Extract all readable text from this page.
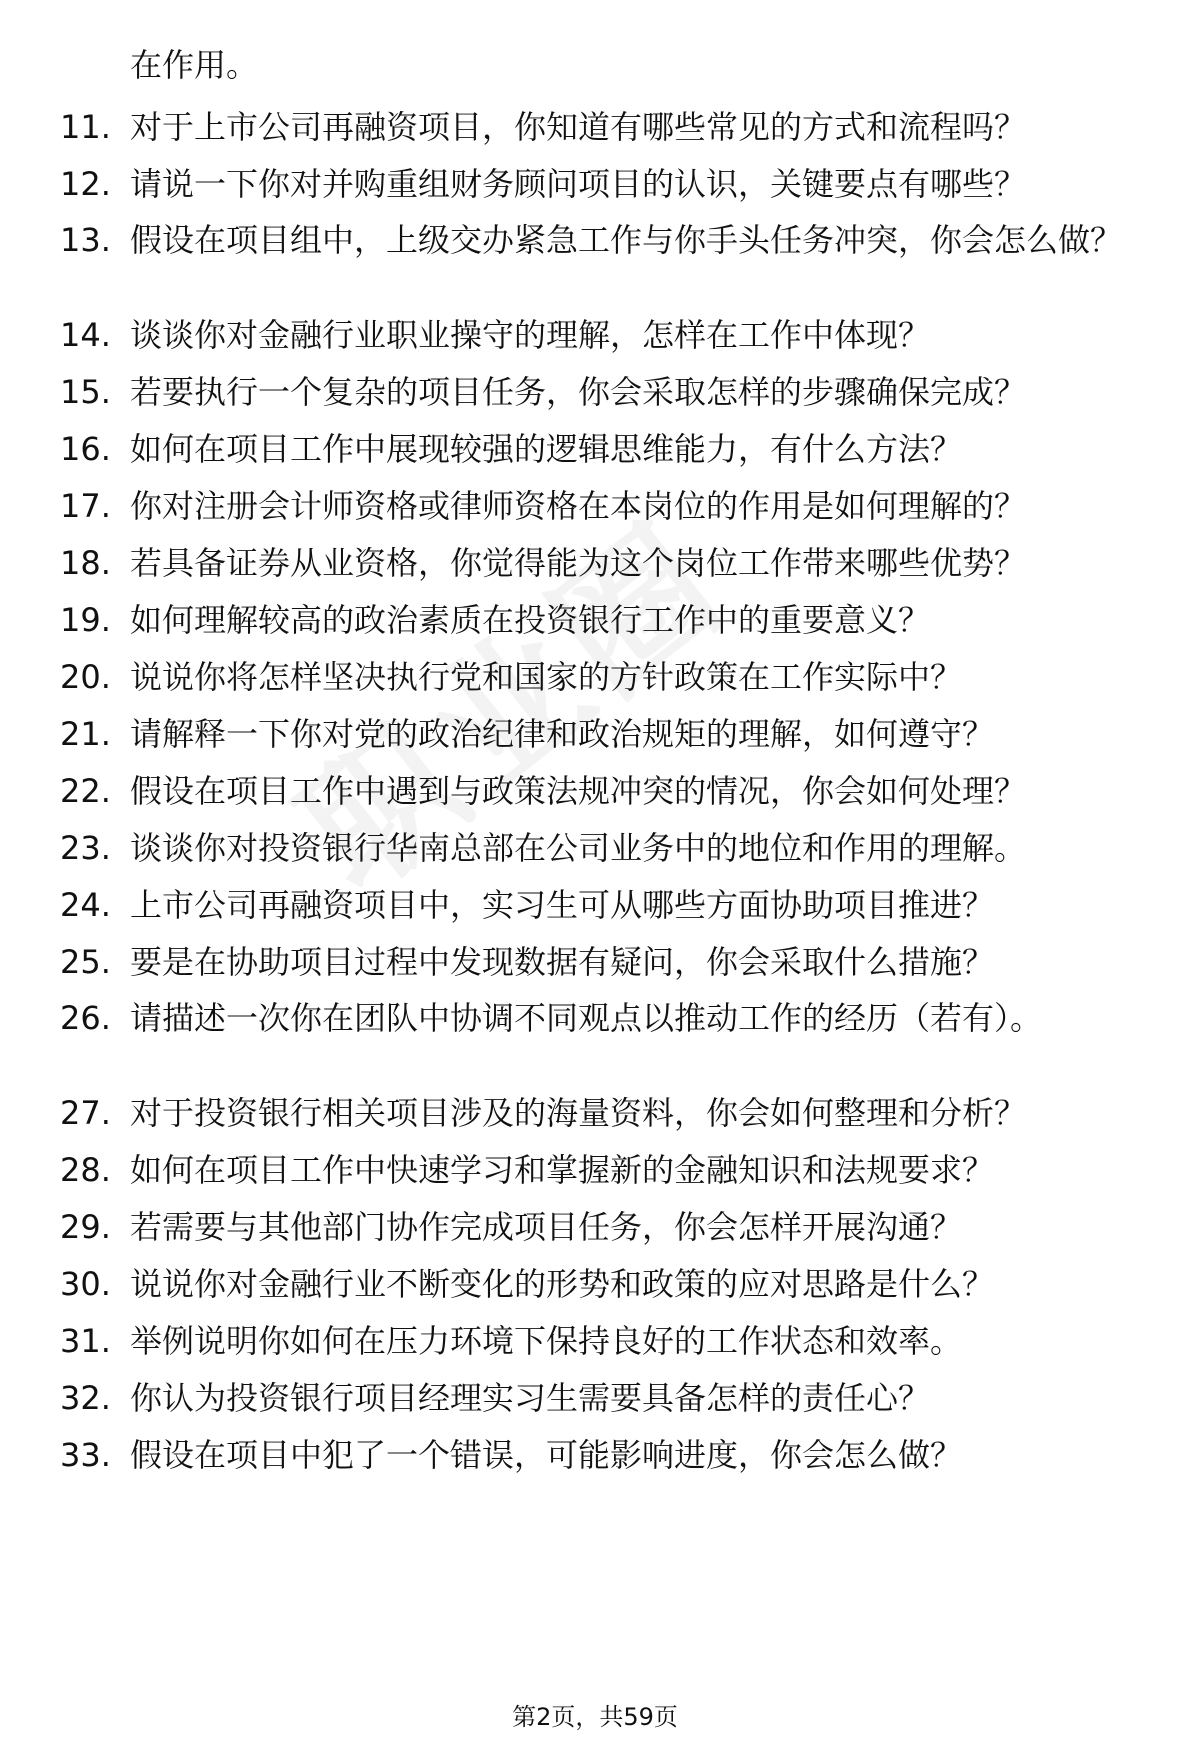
在作用。
11. 对于上市公司再融资项目，你知道有哪些常见的方式和流程吗？
12. 请说一下你对并购重组财务顾问项目的认识，关键要点有哪些？
13. 假设在项目组中，上级交办紧急工作与你手头任务冲突，你会怎么做？
14. 谈谈你对金融行业职业操守的理解，怎样在工作中体现？
15. 若要执行一个复杂的项目任务，你会采取怎样的步骤确保完成？
16. 如何在项目工作中展现较强的逻辑思维能力，有什么方法？
17. 你对注册会计师资格或律师资格在本岗位的作用是如何理解的？
18. 若具备证券从业资格，你觉得能为这个岗位工作带来哪些优势？
19. 如何理解较高的政治素质在投资银行工作中的重要意义？
20. 说说你将怎样坚决执行党和国家的方针政策在工作实际中？
21. 请解释一下你对党的政治纪律和政治规矩的理解，如何遵守？
22. 假设在项目工作中遇到与政策法规冲突的情况，你会如何处理？
23. 谈谈你对投资银行华南总部在公司业务中的地位和作用的理解。
24. 上市公司再融资项目中，实习生可从哪些方面协助项目推进？
25. 要是在协助项目过程中发现数据有疑问，你会采取什么措施？
26. 请描述一次你在团队中协调不同观点以推动工作的经历（若有）。
27. 对于投资银行相关项目涉及的海量资料，你会如何整理和分析？
28. 如何在项目工作中快速学习和掌握新的金融知识和法规要求？
29. 若需要与其他部门协作完成项目任务，你会怎样开展沟通？
30. 说说你对金融行业不断变化的形势和政策的应对思路是什么？
31. 举例说明你如何在压力环境下保持良好的工作状态和效率。
32. 你认为投资银行项目经理实习生需要具备怎样的责任心？
33. 假设在项目中犯了一个错误，可能影响进度，你会怎么做？
第2页，共59页
